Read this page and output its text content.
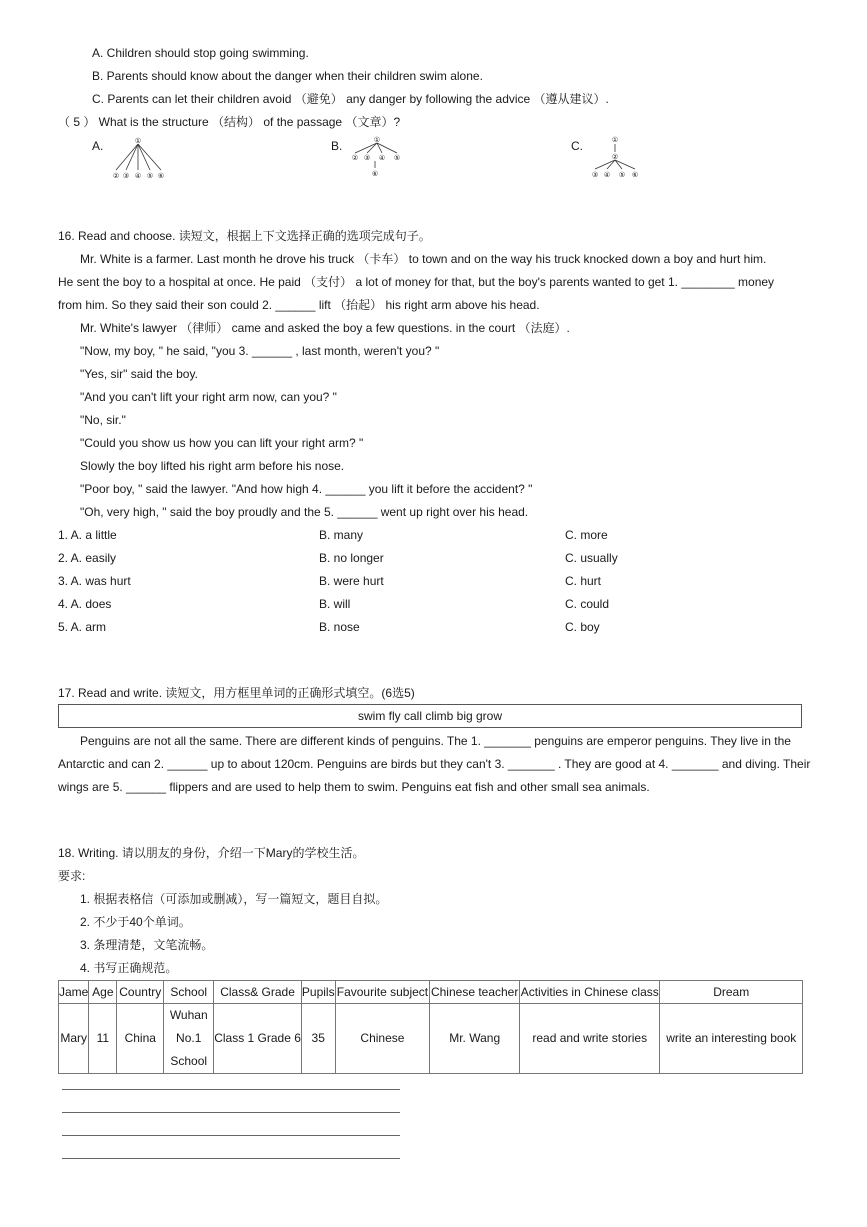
A. Children should stop going swimming.
B. Parents should know about the danger when their children swim alone.
C. Parents can let their children avoid （避免） any danger by following the advice （遵从建议）.
（ 5 ） What is the structure （结构） of the passage （文章）?
A.	B.	C.
①
② ③ ④ ⑤ ⑥
①
② ③ ④ ⑤
⑥
①
②
③ ④ ⑤ ⑥
16. Read and choose. 读短文，根据上下文选择正确的选项完成句子。
Mr. White is a farmer. Last month he drove his truck （卡车） to town and on the way his truck knocked down a boy and hurt him.
He sent the boy to a hospital at once. He paid （支付） a lot of money for that, but the boy's parents wanted to get 1. ________ money
from him. So they said their son could 2. ______ lift （抬起） his right arm above his head.
Mr. White's lawyer （律师） came and asked the boy a few questions. in the court （法庭）.
"Now, my boy, " he said, "you 3. ______ , last month, weren't you? "
"Yes, sir" said the boy.
"And you can't lift your right arm now, can you? "
"No, sir."
"Could you show us how you can lift your right arm? "
Slowly the boy lifted his right arm before his nose.
"Poor boy, " said the lawyer. "And how high 4. ______ you lift it before the accident? "
"Oh, very high, " said the boy proudly and the 5. ______ went up right over his head.
1. A. a little	B. many	C. more
2. A. easily	B. no longer	C. usually
3. A. was hurt	B. were hurt	C. hurt
4. A. does	B. will	C. could
5. A. arm	B. nose	C. boy
17. Read and write. 读短文，用方框里单词的正确形式填空。(6选5)
swim fly call climb big grow
Penguins are not all the same. There are different kinds of penguins. The 1. _______ penguins are emperor penguins. They live in the
Antarctic and can 2. ______ up to about 120cm. Penguins are birds but they can't 3. _______ . They are good at 4. _______ and diving. Their
wings are 5. ______ flippers and are used to help them to swim. Penguins eat fish and other small sea animals.
18. Writing. 请以朋友的身份，介绍一下Mary的学校生活。
要求:
1. 根据表格信（可添加或删减），写一篇短文，题目自拟。
2. 不少于40个单词。
3. 条理清楚，文笔流畅。
4. 书写正确规范。
Jame	Age	Country	School	Class& Grade	Pupils	Favourite subject	Chinese teacher	Activities in Chinese class	Dream
Mary	11	China	Wuhan No.1 School	Class 1 Grade 6	35	Chinese	Mr. Wang	read and write stories	write an interesting book
